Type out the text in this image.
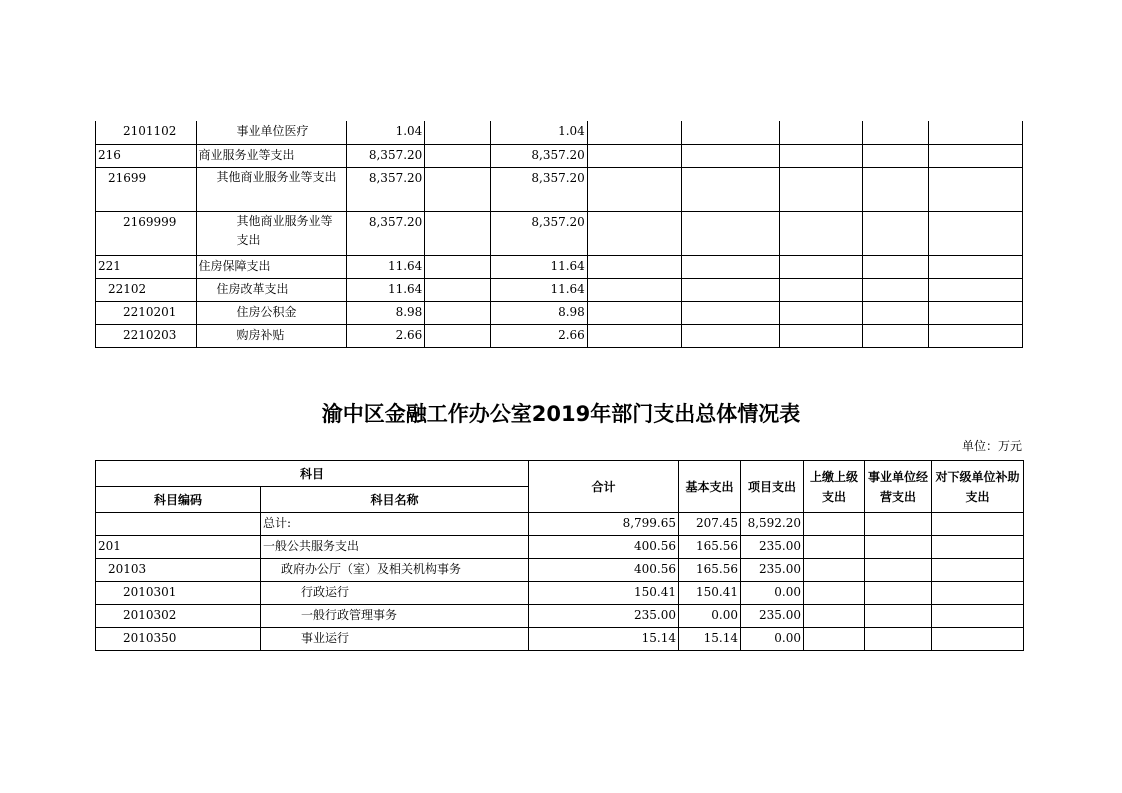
2101102	事业单位医疗	1.04		1.04					
216	商业服务业等支出	8,357.20		8,357.20					
21699	其他商业服务业等支出	8,357.20		8,357.20					
2169999	其他商业服务业等支出	8,357.20		8,357.20					
221	住房保障支出	11.64		11.64					
22102	住房改革支出	11.64		11.64					
2210201	住房公积金	8.98		8.98					
2210203	购房补贴	2.66		2.66					
渝中区金融工作办公室2019年部门支出总体情况表
单位：万元
科目		合计	基本支出	项目支出	上缴上级支出	事业单位经营支出	对下级单位补助支出
科目编码	科目名称						
	总计:	8,799.65	207.45	8,592.20			
201	一般公共服务支出	400.56	165.56	235.00			
20103	政府办公厅（室）及相关机构事务	400.56	165.56	235.00			
2010301	行政运行	150.41	150.41	0.00			
2010302	一般行政管理事务	235.00	0.00	235.00			
2010350	事业运行	15.14	15.14	0.00			
